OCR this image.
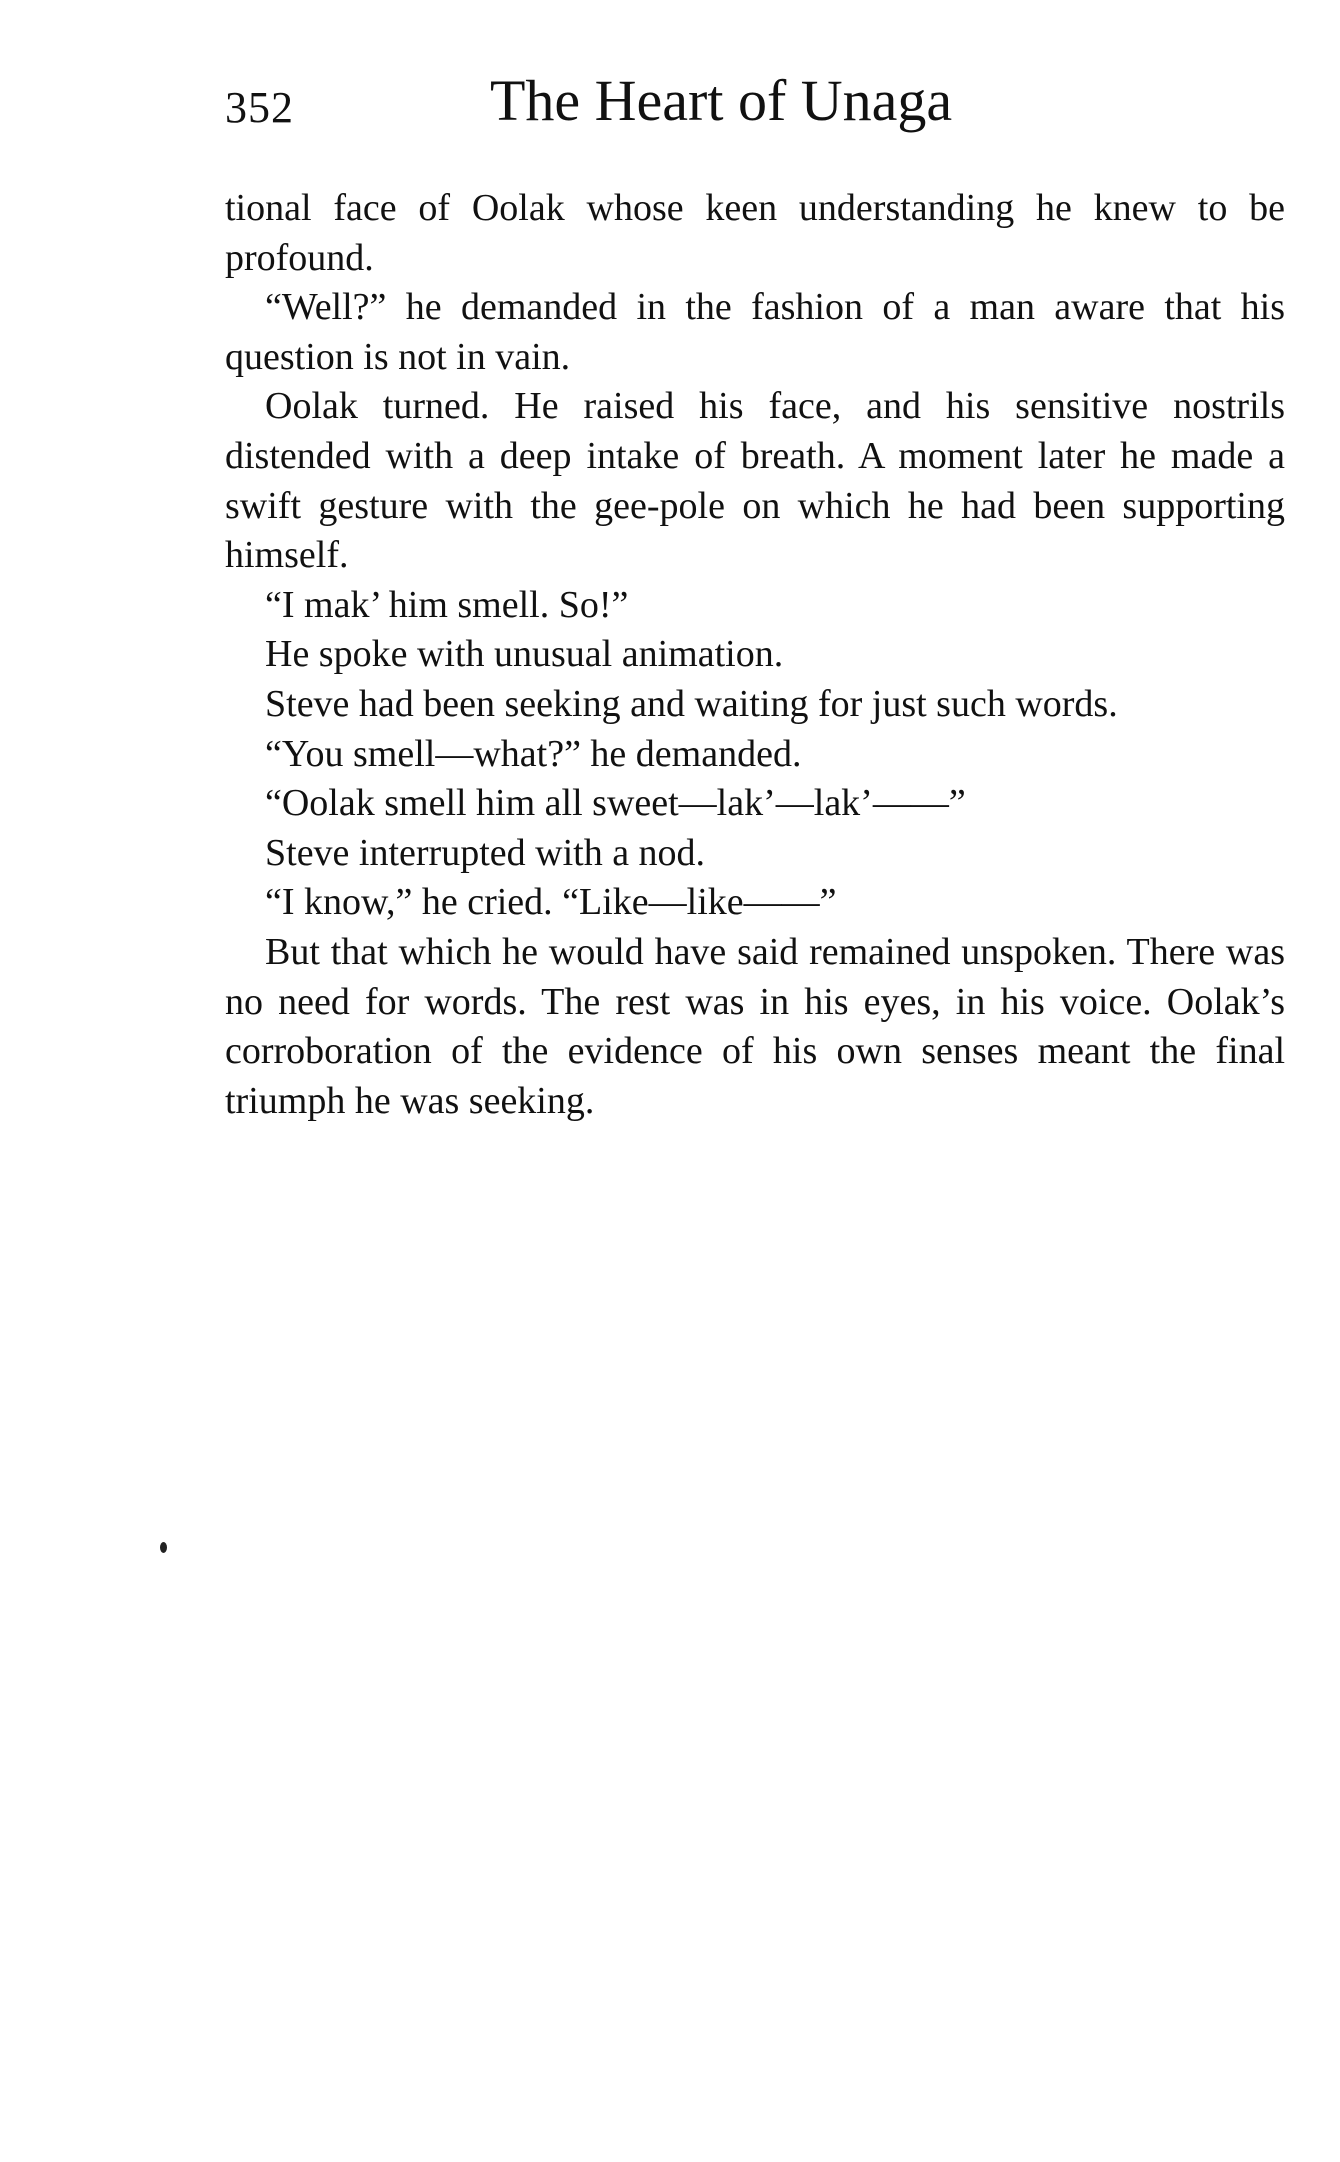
352	The Heart of Unaga

tional face of Oolak whose keen understanding he knew to be profound.

“Well?” he demanded in the fashion of a man aware that his question is not in vain.

Oolak turned. He raised his face, and his sensitive nostrils distended with a deep intake of breath. A moment later he made a swift gesture with the gee-pole on which he had been supporting himself.

“I mak’ him smell. So!”

He spoke with unusual animation.

Steve had been seeking and waiting for just such words.

“You smell—what?” he demanded.

“Oolak smell him all sweet—lak’—lak’——”

Steve interrupted with a nod.

“I know,” he cried. “Like—like——”

But that which he would have said remained unspoken. There was no need for words. The rest was in his eyes, in his voice. Oolak’s corroboration of the evidence of his own senses meant the final triumph he was seeking.
